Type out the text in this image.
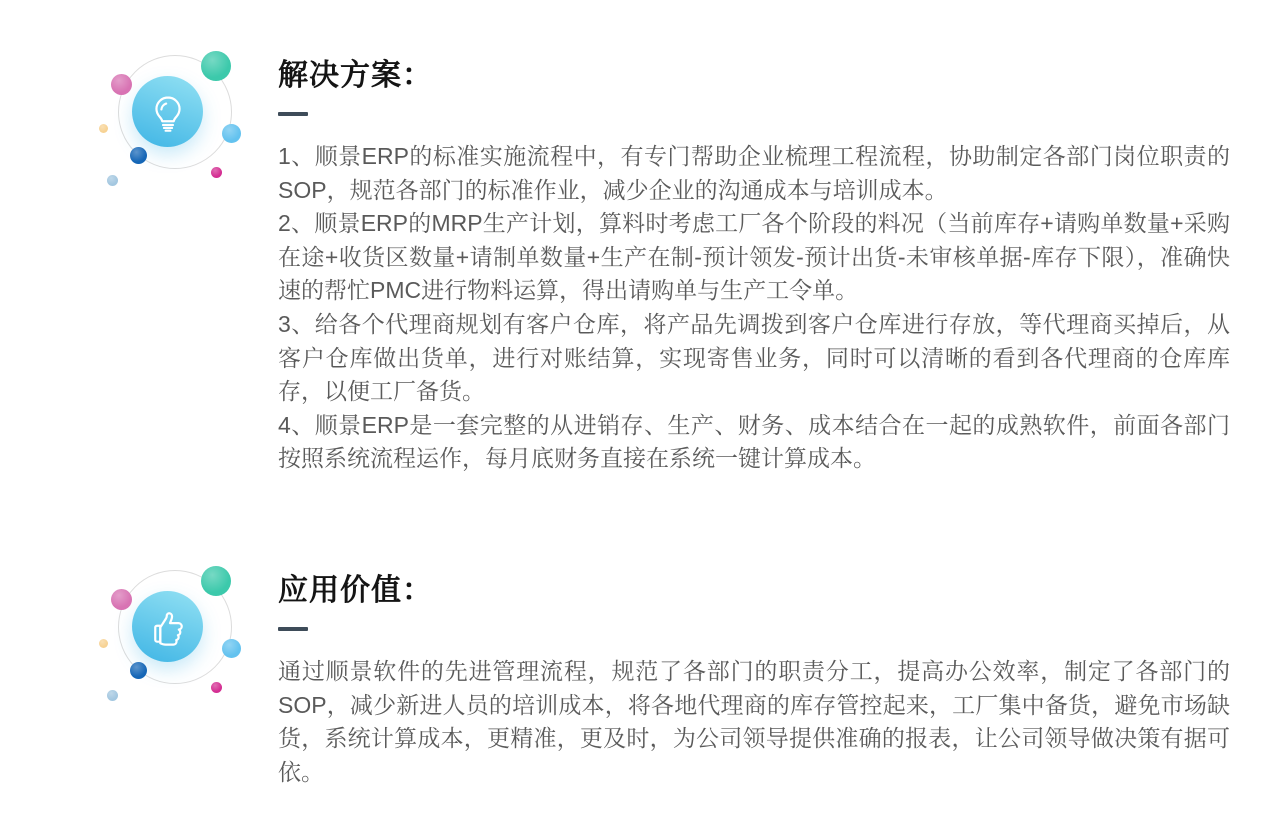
解决方案：

1、顺景ERP的标准实施流程中，有专门帮助企业梳理工程流程，协助制定各部门岗位职责的SOP，规范各部门的标准作业，减少企业的沟通成本与培训成本。

2、顺景ERP的MRP生产计划，算料时考虑工厂各个阶段的料况（当前库存+请购单数量+采购在途+收货区数量+请制单数量+生产在制-预计领发-预计出货-未审核单据-库存下限），准确快速的帮忙PMC进行物料运算，得出请购单与生产工令单。

3、给各个代理商规划有客户仓库，将产品先调拨到客户仓库进行存放，等代理商买掉后，从客户仓库做出货单，进行对账结算，实现寄售业务，同时可以清晰的看到各代理商的仓库库存，以便工厂备货。

4、顺景ERP是一套完整的从进销存、生产、财务、成本结合在一起的成熟软件，前面各部门按照系统流程运作，每月底财务直接在系统一键计算成本。

应用价值：

通过顺景软件的先进管理流程，规范了各部门的职责分工，提高办公效率，制定了各部门的SOP，减少新进人员的培训成本，将各地代理商的库存管控起来，工厂集中备货，避免市场缺货，系统计算成本，更精准，更及时，为公司领导提供准确的报表，让公司领导做决策有据可依。
